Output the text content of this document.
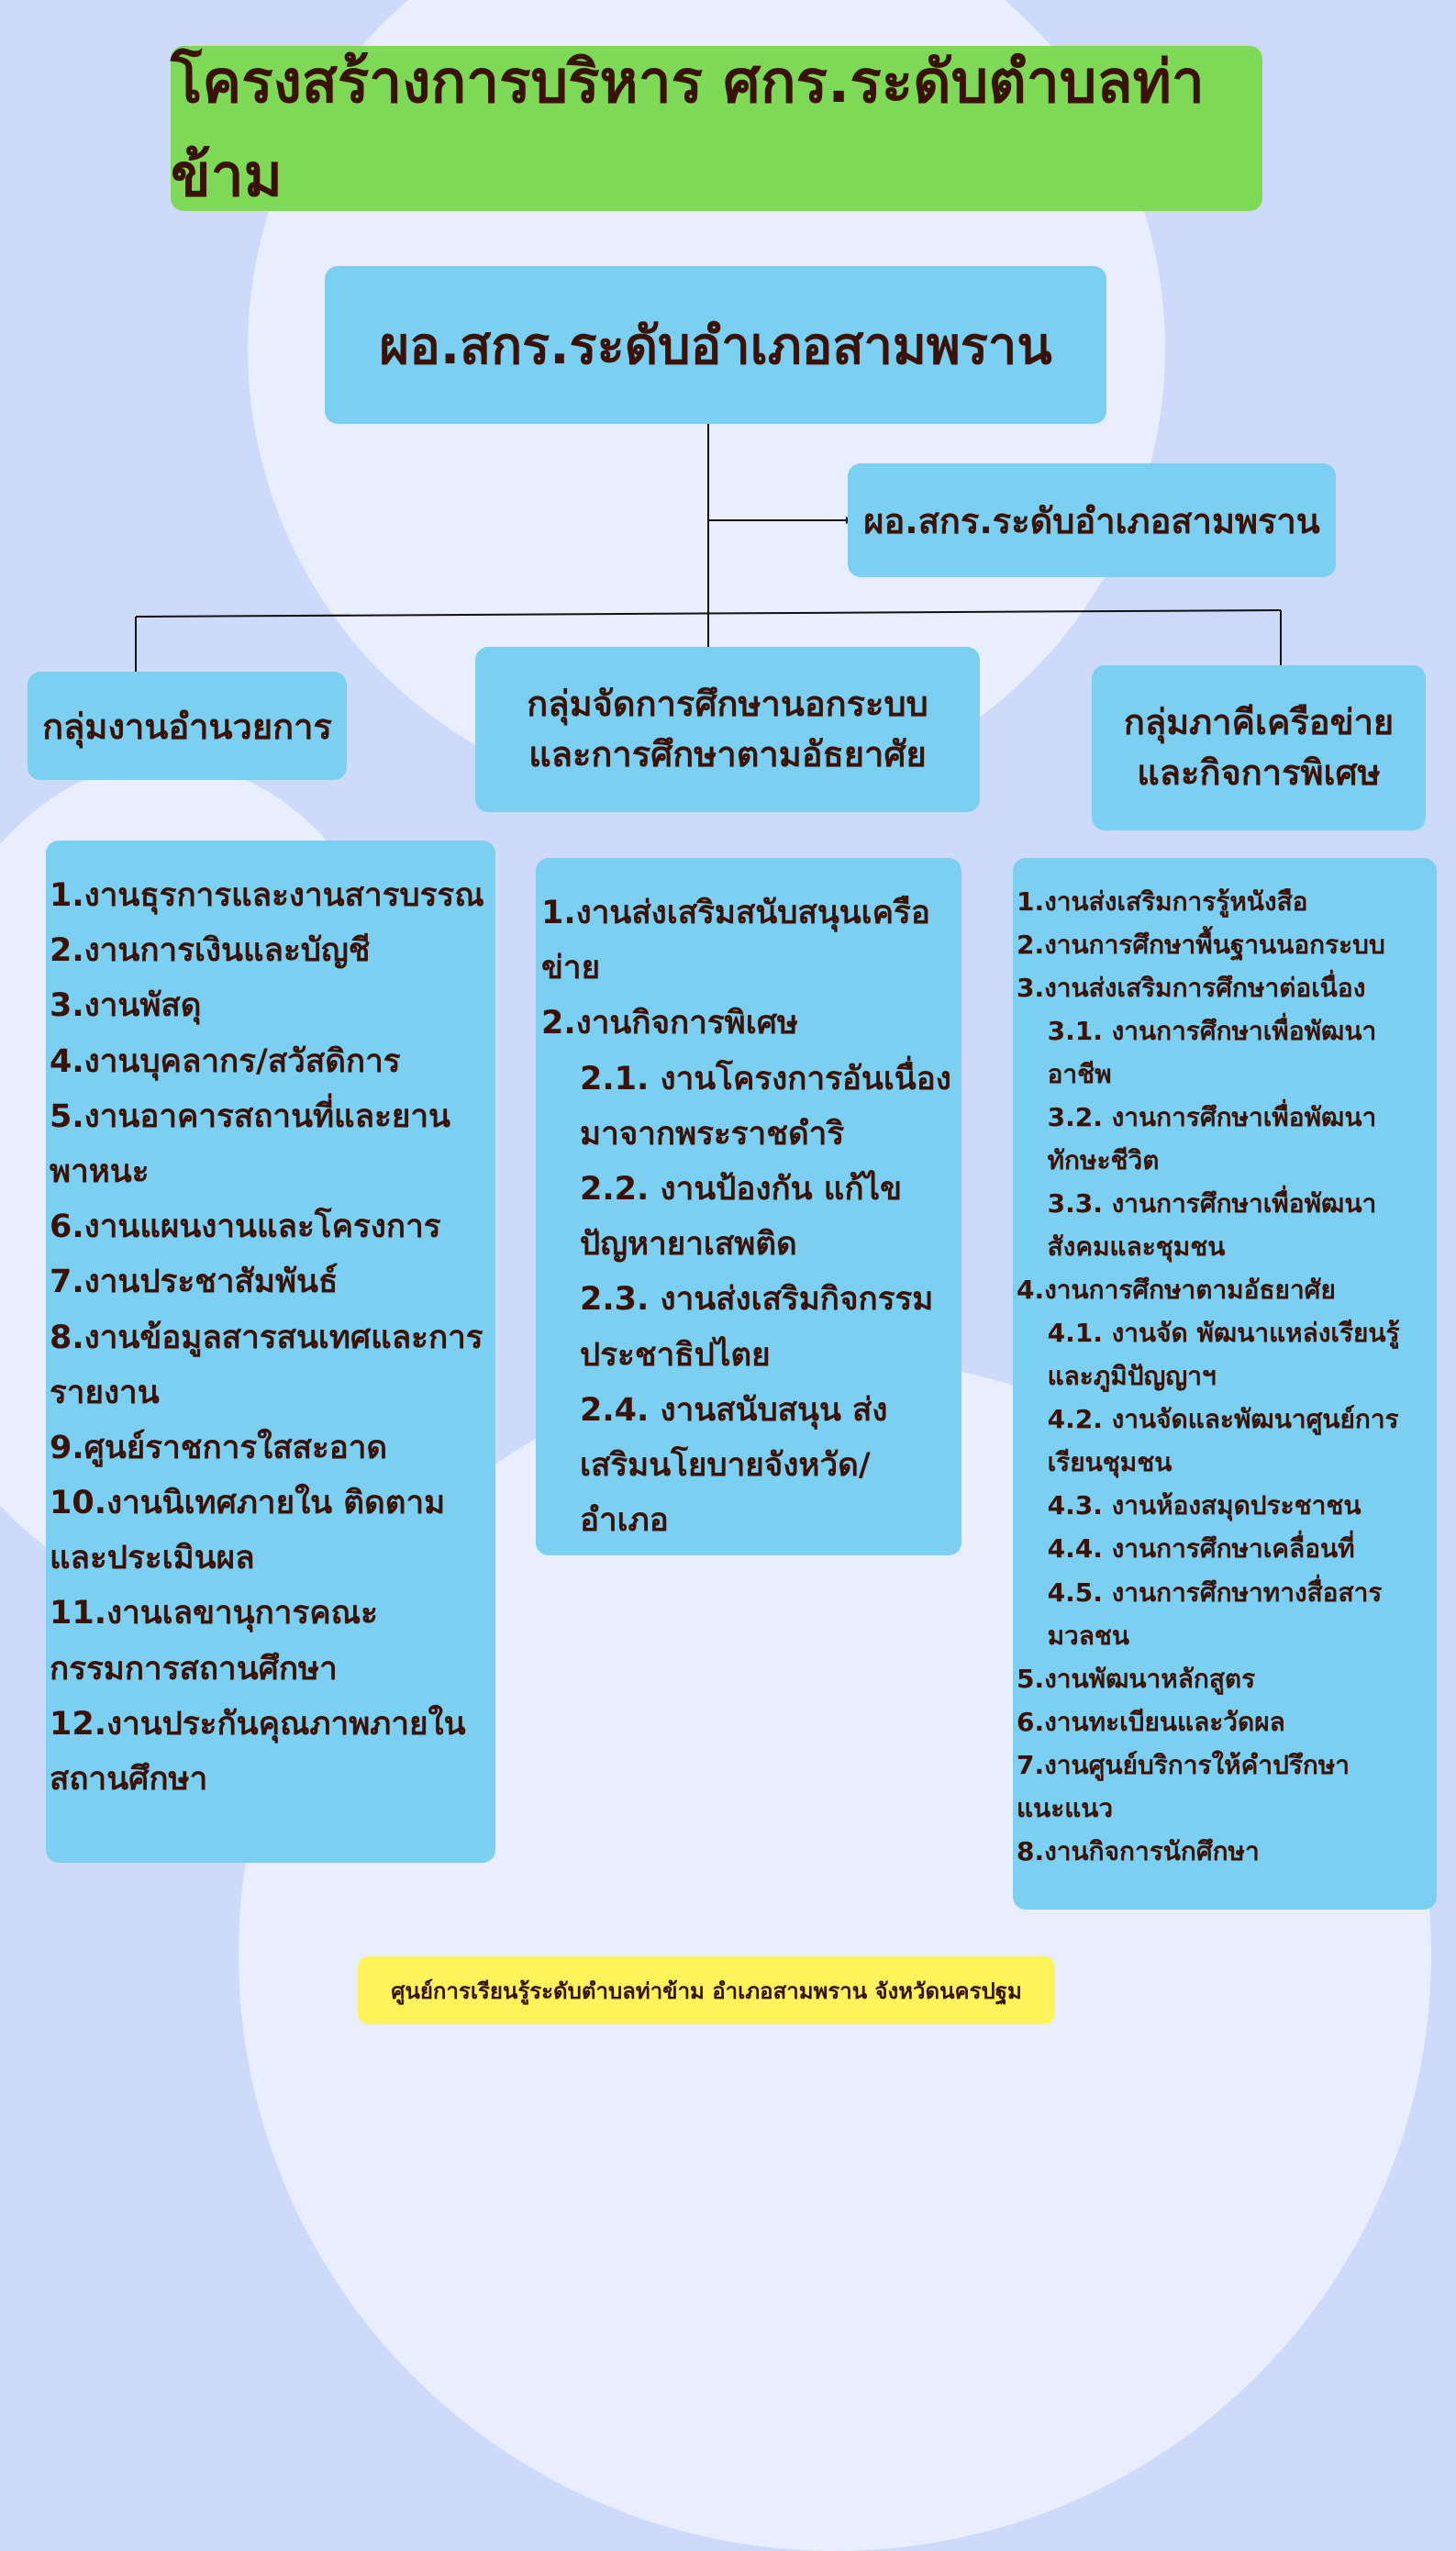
โครงสร้างการบริหาร ศกร.ระดับตำบลท่าข้าม
ผอ.สกร.ระดับอำเภอสามพราน
ผอ.สกร.ระดับอำเภอสามพราน
กลุ่มงานอำนวยการ
กลุ่มจัดการศึกษานอกระบบและการศึกษาตามอัธยาศัย
กลุ่มภาคีเครือข่ายและกิจการพิเศษ
1.งานธุรการและงานสารบรรณ
2.งานการเงินและบัญชี
3.งานพัสดุ
4.งานบุคลากร/สวัสดิการ
5.งานอาคารสถานที่และยานพาหนะ
6.งานแผนงานและโครงการ
7.งานประชาสัมพันธ์
8.งานข้อมูลสารสนเทศและการรายงาน
9.ศูนย์ราชการใสสะอาด
10.งานนิเทศภายใน ติดตามและประเมินผล
11.งานเลขานุการคณะกรรมการสถานศึกษา
12.งานประกันคุณภาพภายในสถานศึกษา
1.งานส่งเสริมสนับสนุนเครือข่าย
2.งานกิจการพิเศษ
2.1. งานโครงการอันเนื่องมาจากพระราชดำริ
2.2. งานป้องกัน แก้ไขปัญหายาเสพติด
2.3. งานส่งเสริมกิจกรรมประชาธิปไตย
2.4. งานสนับสนุน ส่งเสริมนโยบายจังหวัด/อำเภอ
1.งานส่งเสริมการรู้หนังสือ
2.งานการศึกษาพื้นฐานนอกระบบ
3.งานส่งเสริมการศึกษาต่อเนื่อง
3.1. งานการศึกษาเพื่อพัฒนาอาชีพ
3.2. งานการศึกษาเพื่อพัฒนาทักษะชีวิต
3.3. งานการศึกษาเพื่อพัฒนาสังคมและชุมชน
4.งานการศึกษาตามอัธยาศัย
4.1. งานจัด พัฒนาแหล่งเรียนรู้และภูมิปัญญาฯ
4.2. งานจัดและพัฒนาศูนย์การเรียนชุมชน
4.3. งานห้องสมุดประชาชน
4.4. งานการศึกษาเคลื่อนที่
4.5. งานการศึกษาทางสื่อสารมวลชน
5.งานพัฒนาหลักสูตร
6.งานทะเบียนและวัดผล
7.งานศูนย์บริการให้คำปรึกษาแนะแนว
8.งานกิจการนักศึกษา
ศูนย์การเรียนรู้ระดับตำบลท่าข้าม อำเภอสามพราน จังหวัดนครปฐม
